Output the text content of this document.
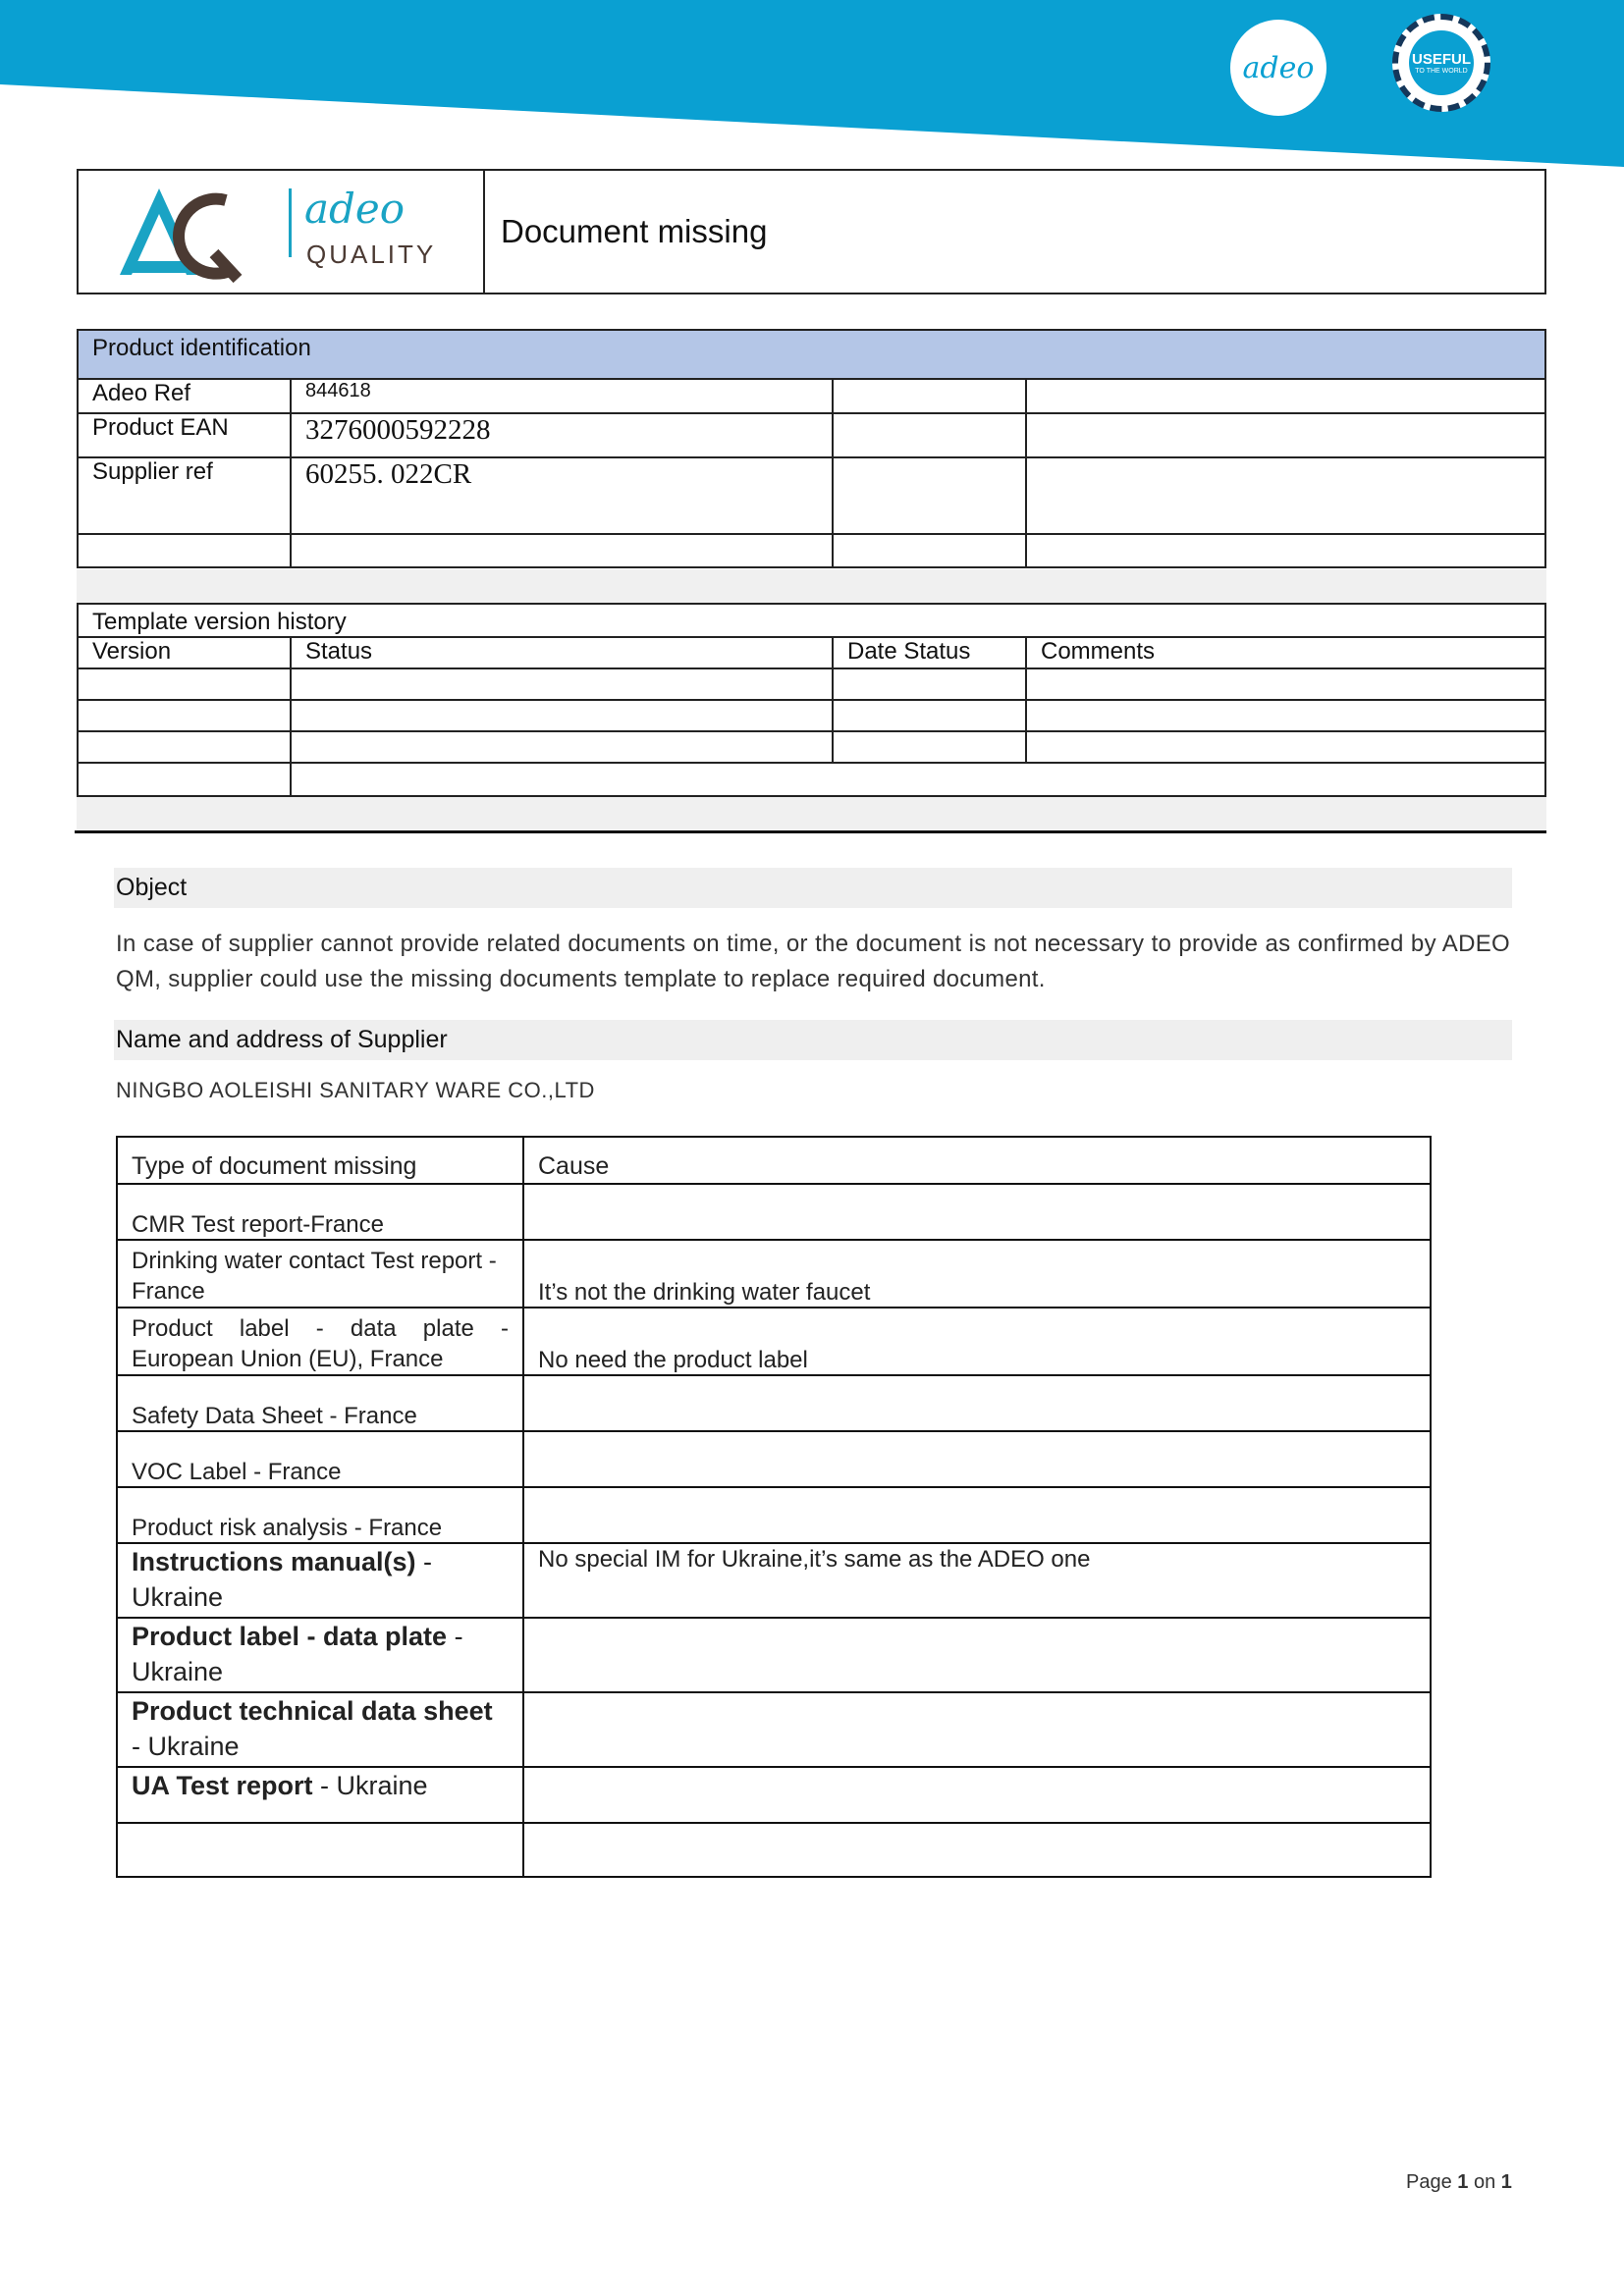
adeo	USEFUL
TO THE WORLD
adeo
QUALITY
Document missing
Product identification			
Adeo Ref	844618		
Product EAN	3276000592228		
Supplier ref	60255. 022CR		

Template version history			
Version	Status	Date Status	Comments

Object
In case of supplier cannot provide related documents on time, or the document is not necessary to provide as confirmed by ADEO QM, supplier could use the missing documents template to replace required document.
Name and address of Supplier
NINGBO AOLEISHI SANITARY WARE CO.,LTD
Type of document missing	Cause
CMR Test report-France	
Drinking water contact Test report - France	It’s not the drinking water faucet
Product label - data plate - European Union (EU), France	No need the product label
Safety Data Sheet - France	
VOC Label - France	
Product risk analysis - France	
Instructions manual(s) - Ukraine	No special IM for Ukraine,it’s same as the ADEO one
Product label - data plate - Ukraine	
Product technical data sheet - Ukraine	
UA Test report - Ukraine	

Page 1 on 1
